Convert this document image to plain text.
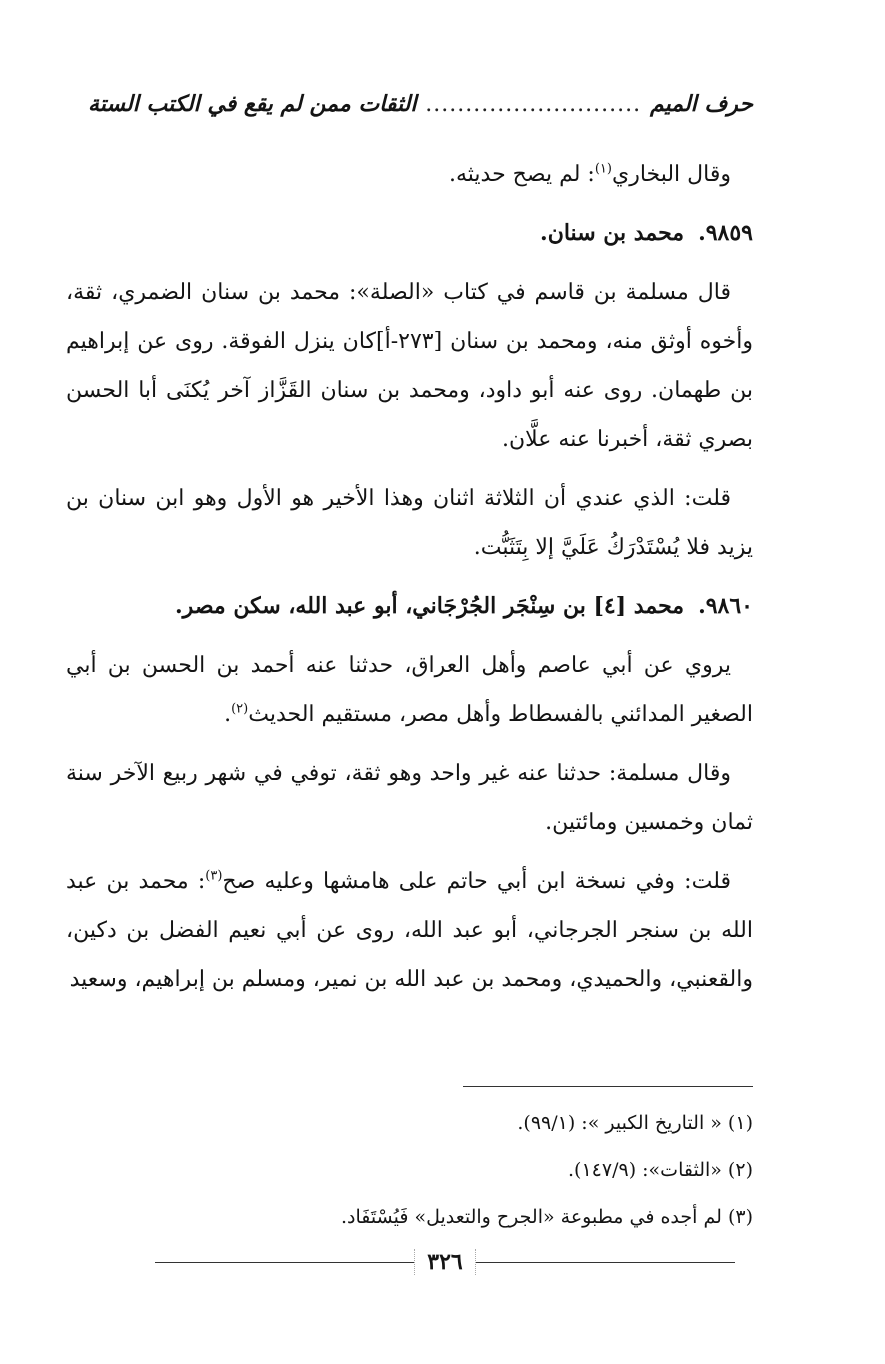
حرف الميم
...........................
الثقات ممن لم يقع في الكتب الستة

وقال البخاري$^{(١)}$: لم يصح حديثه.

٩٨٥٩.محمد بن سنان.

قال مسلمة بن قاسم في كتاب «الصلة»: محمد بن سنان الضمري، ثقة، وأخوه أوثق منه، ومحمد بن سنان [٢٧٣-أ]كان ينزل الفوقة. روى عن إبراهيم بن طهمان. روى عنه أبو داود، ومحمد بن سنان القَزَّاز آخر يُكنَى أبا الحسن بصري ثقة، أخبرنا عنه علَّان.

قلت: الذي عندي أن الثلاثة اثنان وهذا الأخير هو الأول وهو ابن سنان بن يزيد فلا يُسْتَدْرَكُ عَلَيَّ إلا بِتَثَبُّت.

٩٨٦٠.محمد [٤] بن سِنْجَر الجُرْجَاني، أبو عبد الله، سكن مصر.

يروي عن أبي عاصم وأهل العراق، حدثنا عنه أحمد بن الحسن بن أبي الصغير المدائني بالفسطاط وأهل مصر، مستقيم الحديث$^{(٢)}$.

وقال مسلمة: حدثنا عنه غير واحد وهو ثقة، توفي في شهر ربيع الآخر سنة ثمان وخمسين ومائتين.

قلت: وفي نسخة ابن أبي حاتم على هامشها وعليه صح$^{(٣)}$: محمد بن عبد الله بن سنجر الجرجاني، أبو عبد الله، روى عن أبي نعيم الفضل بن دكين، والقعنبي، والحميدي، ومحمد بن عبد الله بن نمير، ومسلم بن إبراهيم، وسعيد

(١) « التاريخ الكبير »: (٩٩/١).

(٢) «الثقات»: (١٤٧/٩).

(٣) لم أجده في مطبوعة «الجرح والتعديل» فَيُسْتَفَاد.

٣٢٦
